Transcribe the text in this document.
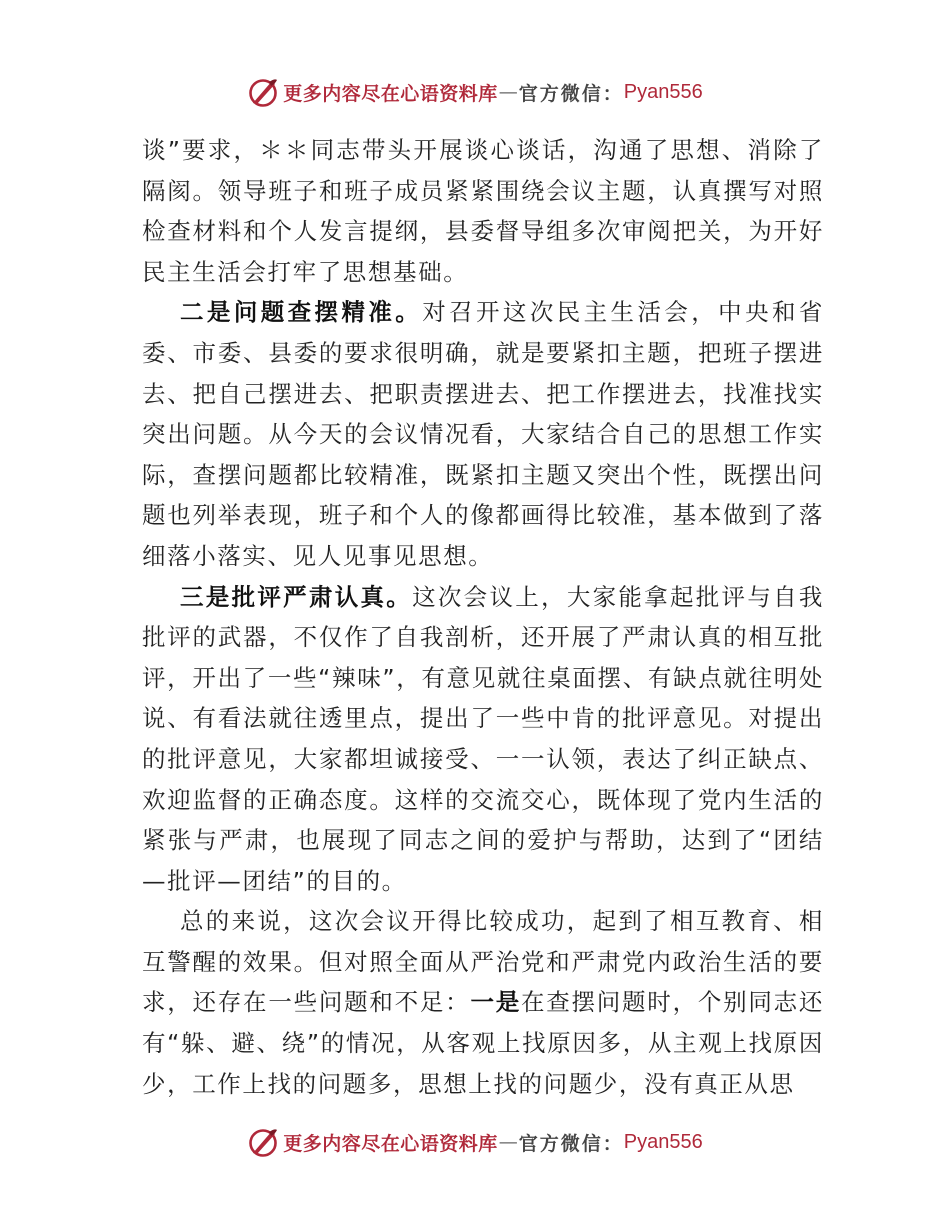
更多内容尽在心语资料库 — 官方微信： Pyan556

谈”要求，＊＊同志带头开展谈心谈话，沟通了思想、消除了隔阂。领导班子和班子成员紧紧围绕会议主题，认真撰写对照检查材料和个人发言提纲，县委督导组多次审阅把关，为开好民主生活会打牢了思想基础。

二是问题查摆精准。对召开这次民主生活会，中央和省委、市委、县委的要求很明确，就是要紧扣主题，把班子摆进去、把自己摆进去、把职责摆进去、把工作摆进去，找准找实突出问题。从今天的会议情况看，大家结合自己的思想工作实际，查摆问题都比较精准，既紧扣主题又突出个性，既摆出问题也列举表现，班子和个人的像都画得比较准，基本做到了落细落小落实、见人见事见思想。

三是批评严肃认真。这次会议上，大家能拿起批评与自我批评的武器，不仅作了自我剖析，还开展了严肃认真的相互批评，开出了一些“辣味”，有意见就往桌面摆、有缺点就往明处说、有看法就往透里点，提出了一些中肯的批评意见。对提出的批评意见，大家都坦诚接受、一一认领，表达了纠正缺点、欢迎监督的正确态度。这样的交流交心，既体现了党内生活的紧张与严肃，也展现了同志之间的爱护与帮助，达到了“团结—批评—团结”的目的。

总的来说，这次会议开得比较成功，起到了相互教育、相互警醒的效果。但对照全面从严治党和严肃党内政治生活的要求，还存在一些问题和不足：一是在查摆问题时，个别同志还有“躲、避、绕”的情况，从客观上找原因多，从主观上找原因少，工作上找的问题多，思想上找的问题少，没有真正从思

更多内容尽在心语资料库 — 官方微信： Pyan556
